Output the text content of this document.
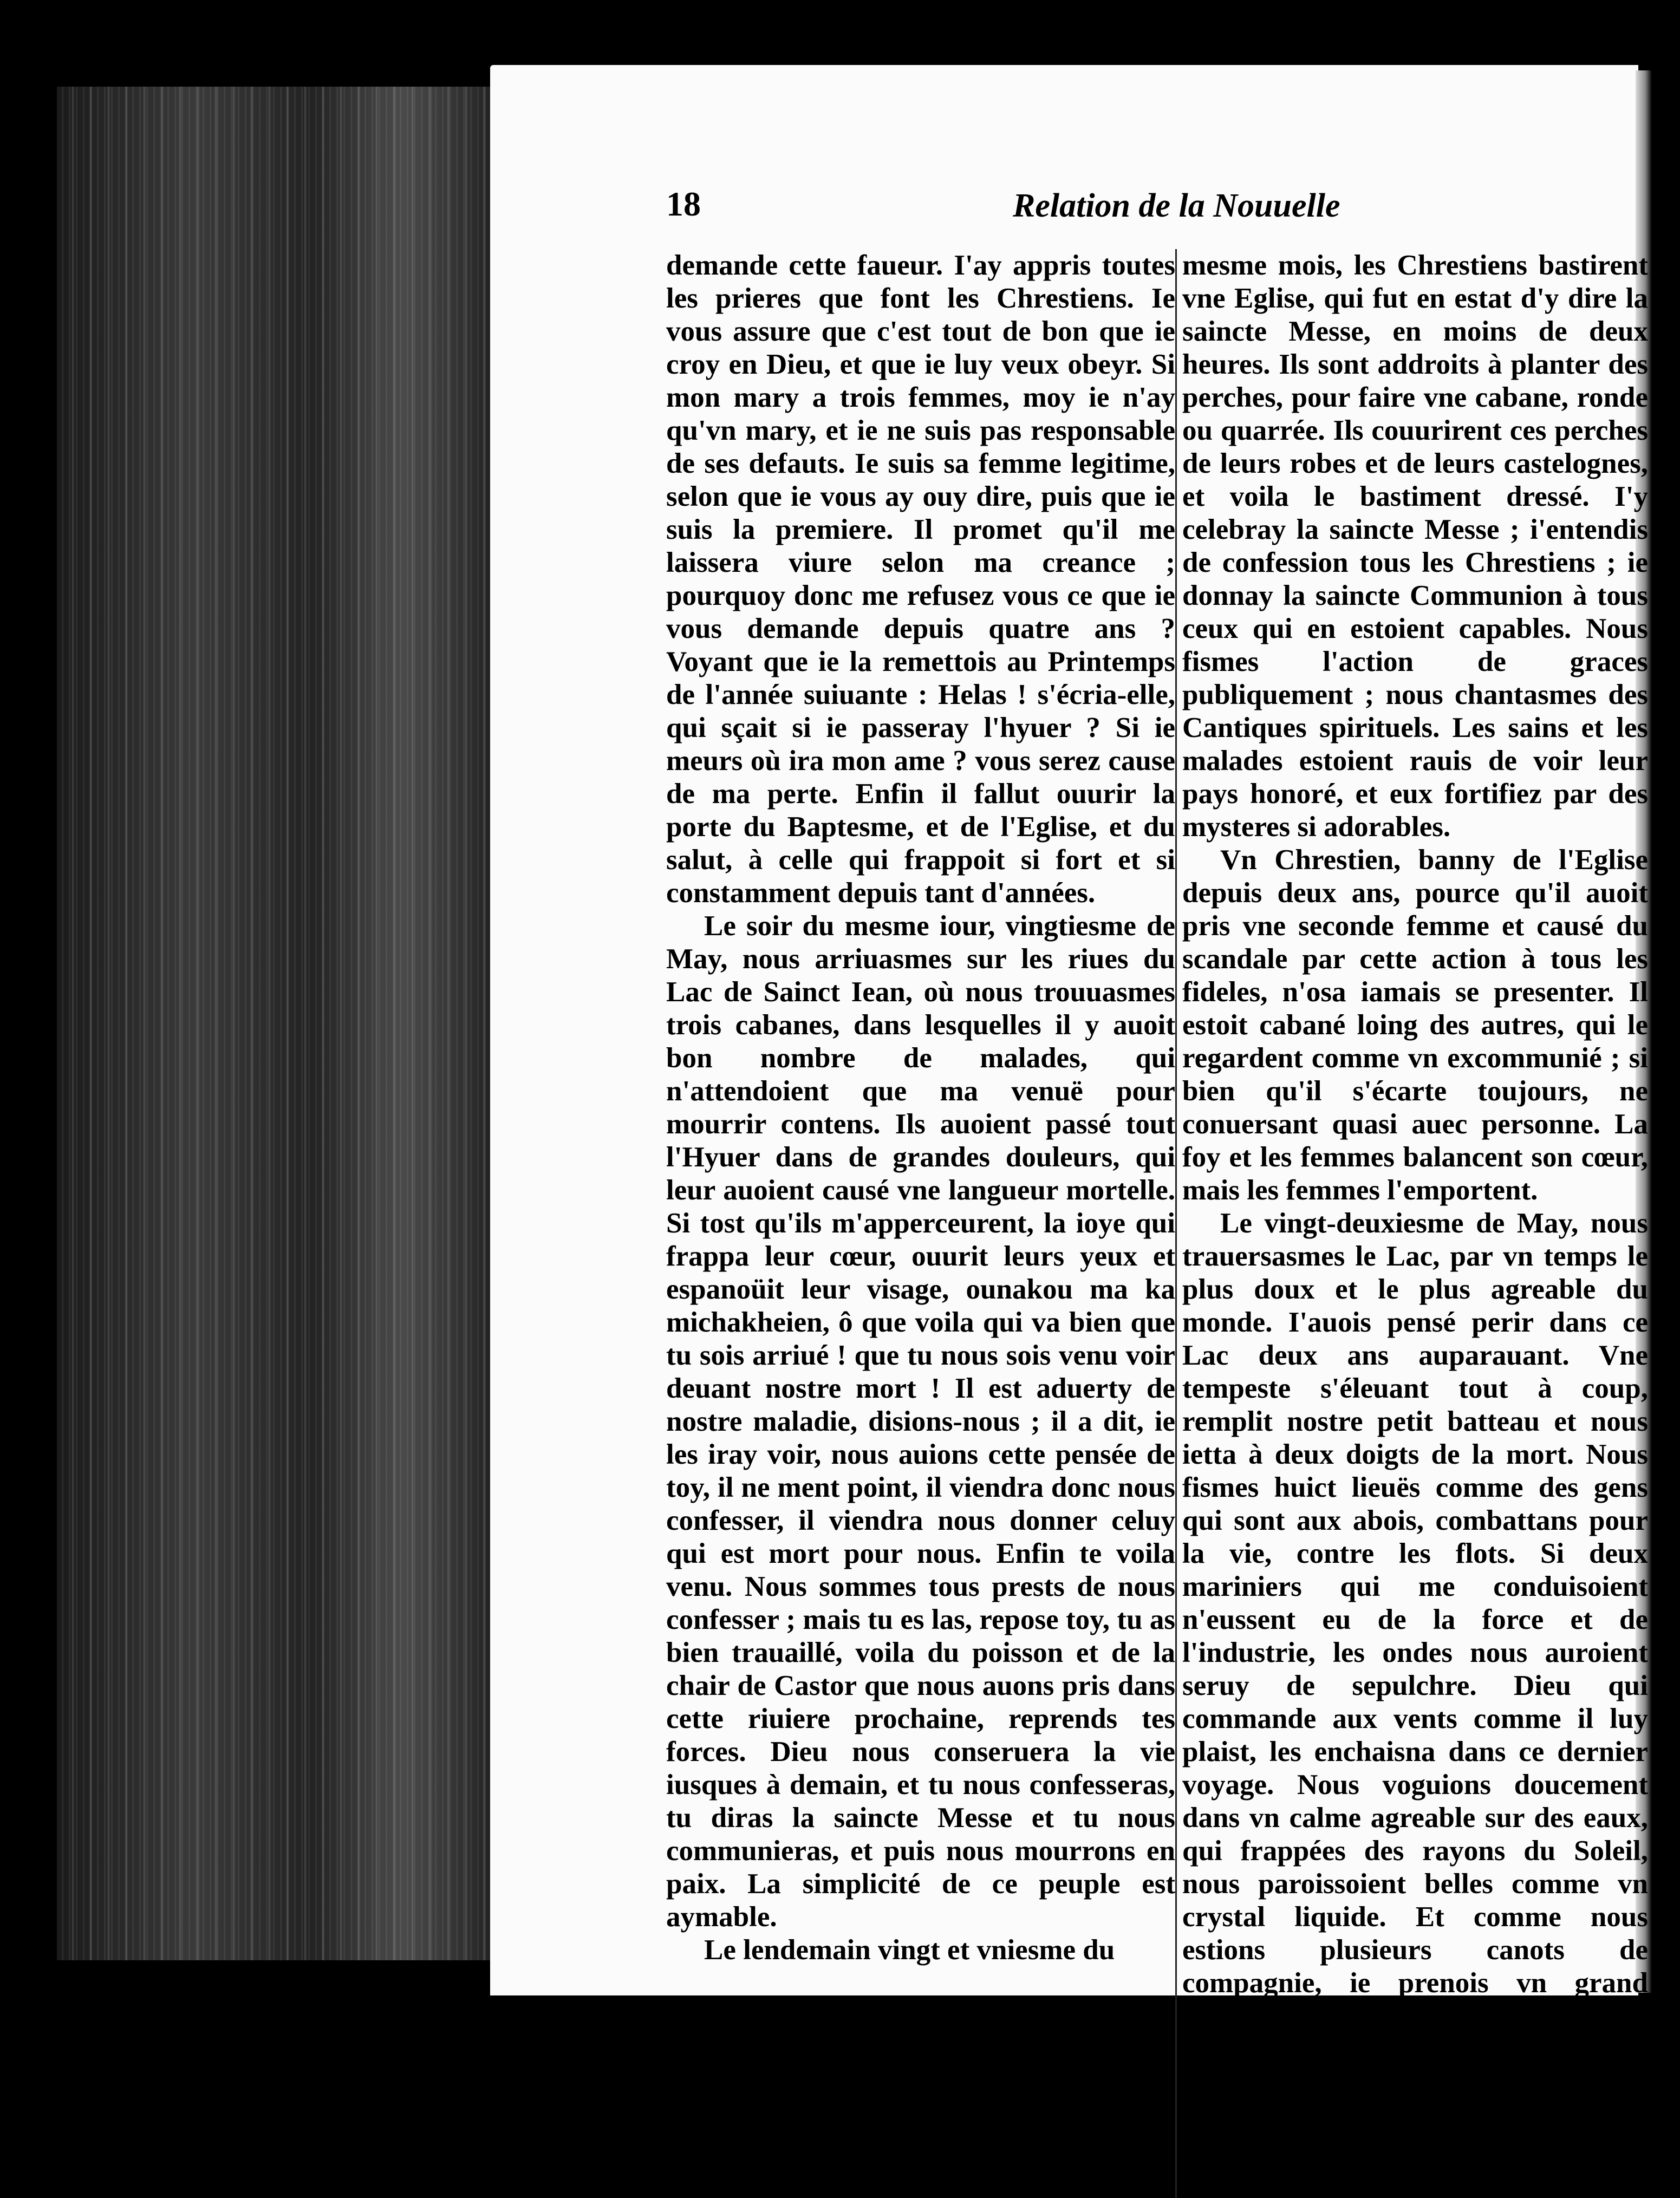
18	Relation de la Nouuelle

demande cette faueur. I'ay appris toutes les prieres que font les Chrestiens. Ie vous assure que c'est tout de bon que ie croy en Dieu, et que ie luy veux obeyr. Si mon mary a trois femmes, moy ie n'ay qu'vn mary, et ie ne suis pas responsable de ses defauts. Ie suis sa femme legitime, selon que ie vous ay ouy dire, puis que ie suis la premiere. Il promet qu'il me laissera viure selon ma creance ; pourquoy donc me refusez vous ce que ie vous demande depuis quatre ans ? Voyant que ie la remettois au Printemps de l'année suiuante : Helas ! s'écria-elle, qui sçait si ie passeray l'hyuer ? Si ie meurs où ira mon ame ? vous serez cause de ma perte. Enfin il fallut ouurir la porte du Baptesme, et de l'Eglise, et du salut, à celle qui frappoit si fort et si constamment depuis tant d'années.

Le soir du mesme iour, vingtiesme de May, nous arriuasmes sur les riues du Lac de Sainct Iean, où nous trouuasmes trois cabanes, dans lesquelles il y auoit bon nombre de malades, qui n'attendoient que ma venuë pour mourrir contens. Ils auoient passé tout l'Hyuer dans de grandes douleurs, qui leur auoient causé vne langueur mortelle. Si tost qu'ils m'apperceurent, la ioye qui frappa leur cœur, ouurit leurs yeux et espanoüit leur visage, ounakou ma ka michakheien, ô que voila qui va bien que tu sois arriué ! que tu nous sois venu voir deuant nostre mort ! Il est aduerty de nostre maladie, disions-nous ; il a dit, ie les iray voir, nous auions cette pensée de toy, il ne ment point, il viendra donc nous confesser, il viendra nous donner celuy qui est mort pour nous. Enfin te voila venu. Nous sommes tous prests de nous confesser ; mais tu es las, repose toy, tu as bien trauaillé, voila du poisson et de la chair de Castor que nous auons pris dans cette riuiere prochaine, reprends tes forces. Dieu nous conseruera la vie iusques à demain, et tu nous confesseras, tu diras la saincte Messe et tu nous communieras, et puis nous mourrons en paix. La simplicité de ce peuple est aymable.

Le lendemain vingt et vniesme du

mesme mois, les Chrestiens bastirent vne Eglise, qui fut en estat d'y dire la saincte Messe, en moins de deux heures. Ils sont addroits à planter des perches, pour faire vne cabane, ronde ou quarrée. Ils couurirent ces perches de leurs robes et de leurs castelognes, et voila le bastiment dressé. I'y celebray la saincte Messe ; i'entendis de confession tous les Chrestiens ; ie donnay la saincte Communion à tous ceux qui en estoient capables. Nous fismes l'action de graces publiquement ; nous chantasmes des Cantiques spirituels. Les sains et les malades estoient rauis de voir leur pays honoré, et eux fortifiez par des mysteres si adorables.

Vn Chrestien, banny de l'Eglise depuis deux ans, pource qu'il auoit pris vne seconde femme et causé du scandale par cette action à tous les fideles, n'osa iamais se presenter. Il estoit cabané loing des autres, qui le regardent comme vn excommunié ; si bien qu'il s'écarte toujours, ne conuersant quasi auec personne. La foy et les femmes balancent son cœur, mais les femmes l'emportent.

Le vingt-deuxiesme de May, nous trauersasmes le Lac, par vn temps le plus doux et le plus agreable du monde. I'auois pensé perir dans ce Lac deux ans auparauant. Vne tempeste s'éleuant tout à coup, remplit nostre petit batteau et nous ietta à deux doigts de la mort. Nous fismes huict lieuës comme des gens qui sont aux abois, combattans pour la vie, contre les flots. Si deux mariniers qui me conduisoient n'eussent eu de la force et de l'industrie, les ondes nous auroient seruy de sepulchre. Dieu qui commande aux vents comme il luy plaist, les enchaisna dans ce dernier voyage. Nous voguions doucement dans vn calme agreable sur des eaux, qui frappées des rayons du Soleil, nous paroissoient belles comme vn crystal liquide. Et comme nous estions plusieurs canots de compagnie, ie prenois vn grand plaisir dans les diuers discours de nos Sauuages. Vne femme entr'autres raconta ce qui suit : Il y a dix Lunes ou enuiron, que trauersant ce Lac, vne tempeste nous accueillit, les vagues nous
